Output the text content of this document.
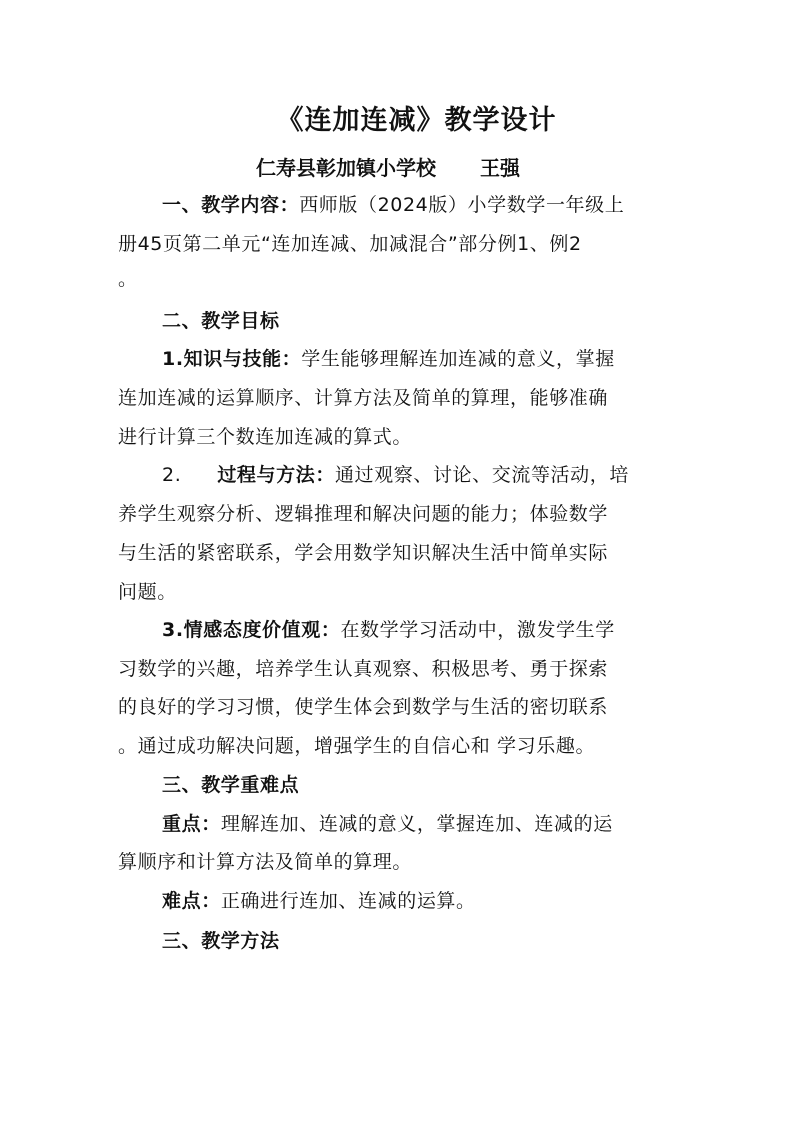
《连加连减》教学设计
仁寿县彰加镇小学校 王强
一、教学内容：西师版（2024版）小学数学一年级上
册45页第二单元“连加连减、加减混合”部分例1、例2
。
二、教学目标
1.知识与技能：学生能够理解连加连减的意义，掌握
连加连减的运算顺序、计算方法及简单的算理，能够准确
进行计算三个数连加连减的算式。
2. 过程与方法：通过观察、讨论、交流等活动，培
养学生观察分析、逻辑推理和解决问题的能力；体验数学
与生活的紧密联系，学会用数学知识解决生活中简单实际
问题。
3.情感态度价值观：在数学学习活动中，激发学生学
习数学的兴趣，培养学生认真观察、积极思考、勇于探索
的良好的学习习惯，使学生体会到数学与生活的密切联系
。通过成功解决问题，增强学生的自信心和 学习乐趣。
三、教学重难点
重点：理解连加、连减的意义，掌握连加、连减的运
算顺序和计算方法及简单的算理。
难点：正确进行连加、连减的运算。
三、教学方法
